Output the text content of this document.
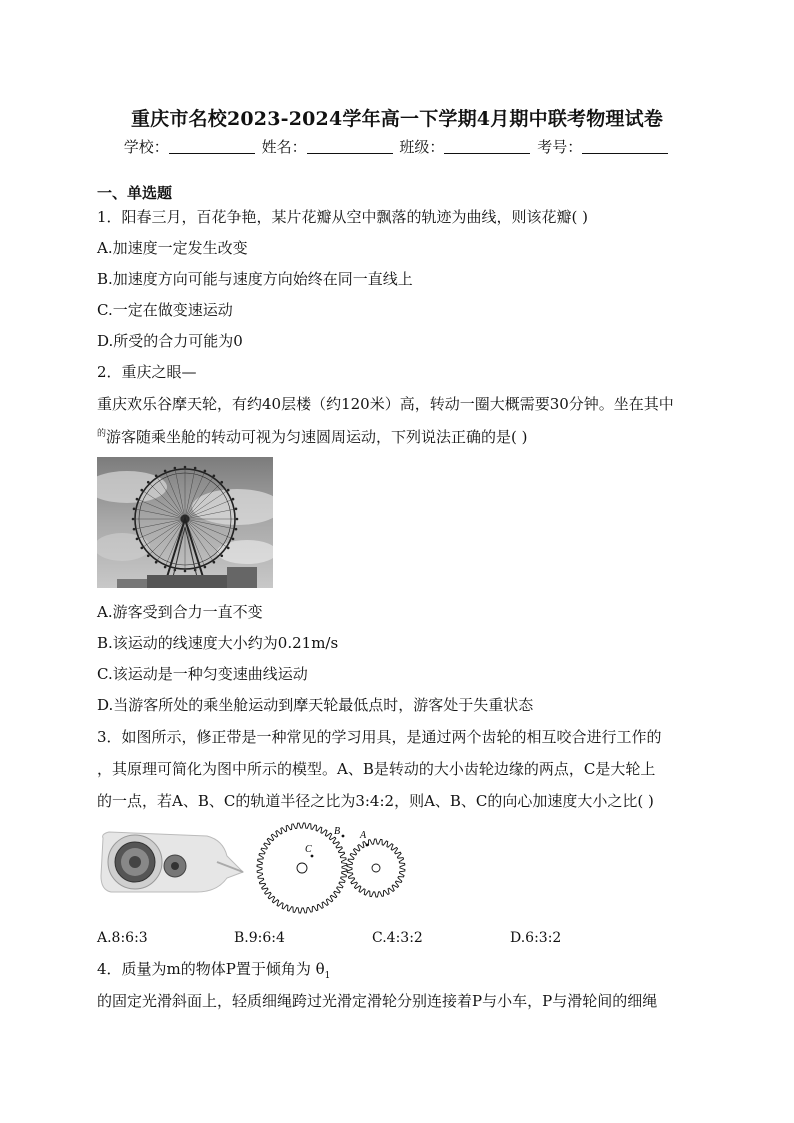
重庆市名校2023-2024学年高一下学期4月期中联考物理试卷
学校：	姓名：	班级：	考号：
一、单选题
1．阳春三月，百花争艳，某片花瓣从空中飘落的轨迹为曲线，则该花瓣( )
A.加速度一定发生改变
B.加速度方向可能与速度方向始终在同一直线上
C.一定在做变速运动
D.所受的合力可能为0
2．重庆之眼—
重庆欢乐谷摩天轮，有约40层楼（约120米）高，转动一圈大概需要30分钟。坐在其中
$^的$游客随乘坐舱的转动可视为匀速圆周运动，下列说法正确的是( )
A.游客受到合力一直不变
B.该运动的线速度大小约为0.21m/s
C.该运动是一种匀变速曲线运动
D.当游客所处的乘坐舱运动到摩天轮最低点时，游客处于失重状态
3．如图所示，修正带是一种常见的学习用具，是通过两个齿轮的相互咬合进行工作的
，其原理可简化为图中所示的模型。A、B是转动的大小齿轮边缘的两点，C是大轮上
的一点，若A、B、C的轨道半径之比为3:4:2，则A、B、C的向心加速度大小之比( )
B A
C
A.8:6:3	B.9:6:4	C.4:3:2	D.6:3:2
4．质量为m的物体P置于倾角为 $\theta_1$
的固定光滑斜面上，轻质细绳跨过光滑定滑轮分别连接着P与小车，P与滑轮间的细绳
